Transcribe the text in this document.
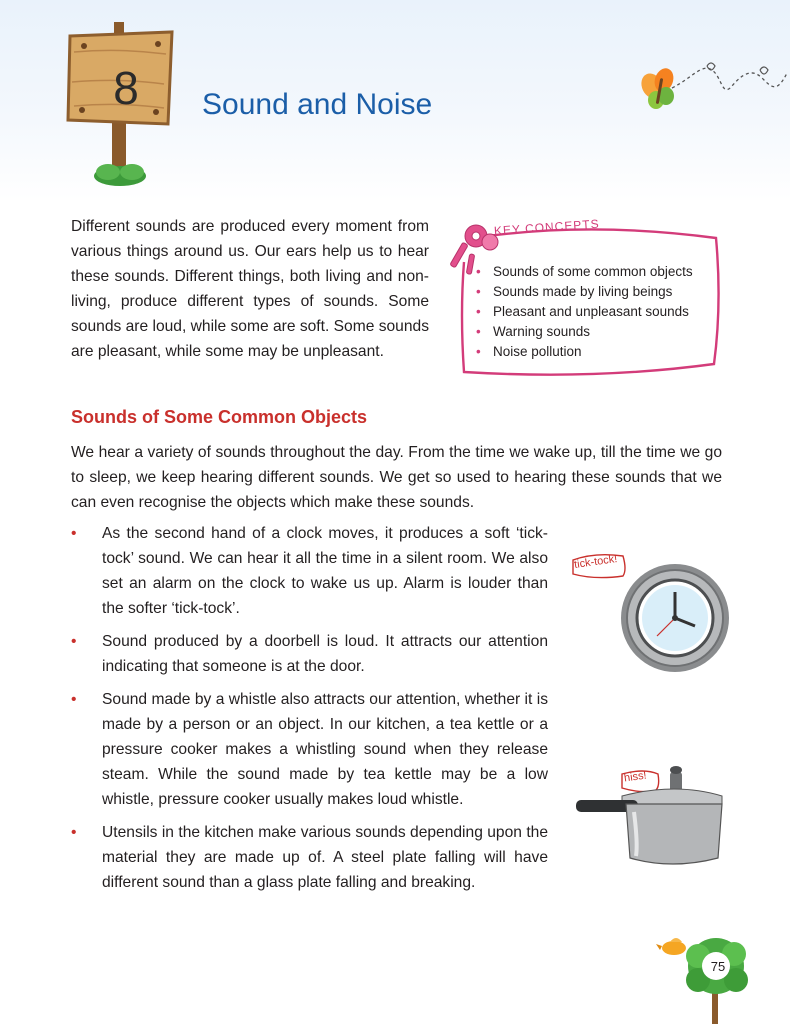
8	Sound and Noise

Different sounds are produced every moment from various things around us. Our ears help us to hear these sounds. Different things, both living and non-living, produce different types of sounds. Some sounds are loud, while some are soft. Some sounds are pleasant, while some may be unpleasant.

KEY CONCEPTS
• Sounds of some common objects
• Sounds made by living beings
• Pleasant and unpleasant sounds
• Warning sounds
• Noise pollution
Sounds of Some Common Objects

We hear a variety of sounds throughout the day. From the time we wake up, till the time we go to sleep, we keep hearing different sounds. We get so used to hearing these sounds that we can even recognise the objects which make these sounds.

• As the second hand of a clock moves, it produces a soft ‘tick-tock’ sound. We can hear it all the time in a silent room. We also set an alarm on the clock to wake us up. Alarm is louder than the softer ‘tick-tock’.
• Sound produced by a doorbell is loud. It attracts our attention indicating that someone is at the door.
• Sound made by a whistle also attracts our attention, whether it is made by a person or an object. In our kitchen, a tea kettle or a pressure cooker makes a whistling sound when they release steam. While the sound made by tea kettle may be a low whistle, pressure cooker usually makes loud whistle.
• Utensils in the kitchen make various sounds depending upon the material they are made up of. A steel plate falling will have different sound than a glass plate falling and breaking.
tick-tock!
hiss!
75
